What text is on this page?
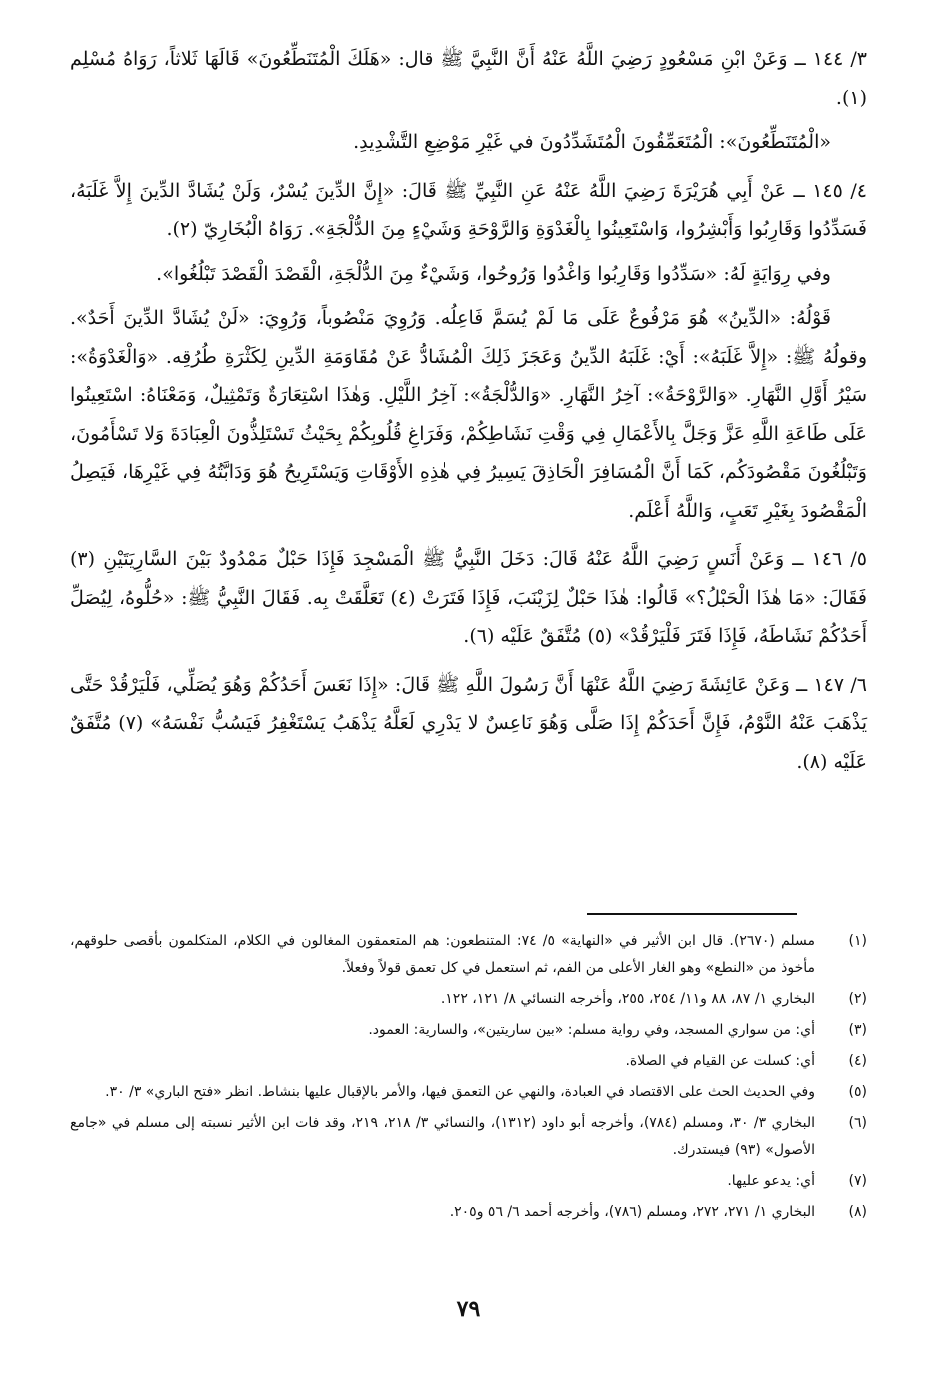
٣/ ١٤٤ ــ وَعَنْ ابْنِ مَسْعُودٍ رَضِيَ اللَّهُ عَنْهُ أَنَّ النَّبِيَّ ﷺ قال: «هَلَكَ الْمُتَنَطِّعُونَ» قَالَهَا ثَلاثاً، رَوَاهُ مُسْلِم (١).

«الْمُتَنَطِّعُونَ»: الْمُتَعَمِّقُونَ الْمُتَشَدِّدُونَ في غَيْرِ مَوْضِعِ التَّشْدِيدِ.

٤/ ١٤٥ ــ عَنْ أَبِي هُرَيْرَةَ رَضِيَ اللَّهُ عَنْهُ عَنِ النَّبِيِّ ﷺ قَالَ: «إِنَّ الدِّينَ يُسْرٌ، وَلَنْ يُشَادَّ الدِّينَ إِلاَّ غَلَبَهُ، فَسَدِّدُوا وَقَارِبُوا وَأَبْشِرُوا، وَاسْتَعِينُوا بِالْغَدْوَةِ وَالرَّوْحَةِ وَشَيْءٍ مِنَ الدُّلْجَةِ». رَوَاهُ الْبُخَارِيّ (٢).

وفي رِوَايَةٍ لَهُ: «سَدِّدُوا وَقَارِبُوا وَاغْدُوا وَرُوحُوا، وَشَيْءٌ مِنَ الدُّلْجَةِ، الْقَصْدَ الْقَصْدَ تَبْلُغُوا».

قَوْلُهُ: «الدِّينُ» هُوَ مَرْفُوعٌ عَلَى مَا لَمْ يُسَمَّ فَاعِلُه. وَرُوِيَ مَنْصُوباً، وَرُوِيَ: «لَنْ يُشَادَّ الدِّينَ أَحَدٌ». وقولُهُ ﷺ: «إِلاَّ غَلَبَهُ»: أَيْ: غَلَبَهُ الدِّينُ وَعَجَزَ ذَلِكَ الْمُشَادُّ عَنْ مُقَاوَمَةِ الدِّينِ لِكَثْرَةِ طُرُقِه. «وَالْغَدْوَةُ»: سَيْرُ أَوَّلِ النَّهَارِ. «وَالرَّوْحَةُ»: آخِرُ النَّهَارِ. «وَالدُّلْجَةُ»: آخِرُ اللَّيْلِ. وَهٰذَا اسْتِعَارَةٌ وَتَمْثِيلٌ، وَمَعْنَاهُ: اسْتَعِينُوا عَلَى طَاعَةِ اللَّهِ عَزَّ وَجَلَّ بِالأَعْمَالِ فِي وَقْتِ نَشَاطِكُمْ، وَفَرَاغِ قُلُوبِكُمْ بِحَيْثُ تَسْتَلِذُّونَ الْعِبَادَةَ وَلا تَسْأَمُونَ، وَتَبْلُغُونَ مَقْصُودَكُم، كَمَا أَنَّ الْمُسَافِرَ الْحَاذِقَ يَسِيرُ فِي هٰذِهِ الأَوْقَاتِ وَيَسْتَرِيحُ هُوَ وَدَابَّتُهُ فِي غَيْرِهَا، فَيَصِلُ الْمَقْصُودَ بِغَيْرِ تَعَبٍ، وَاللَّهُ أَعْلَم.

٥/ ١٤٦ ــ وَعَنْ أَنَسٍ رَضِيَ اللَّهُ عَنْهُ قَالَ: دَخَلَ النَّبِيُّ ﷺ الْمَسْجِدَ فَإِذَا حَبْلٌ مَمْدُودٌ بَيْنَ السَّارِيَتَيْنِ (٣) فَقَالَ: «مَا هٰذَا الْحَبْلُ؟» قَالُوا: هٰذَا حَبْلٌ لِزَيْنَبَ، فَإِذَا فَتَرَتْ (٤) تَعَلَّقَتْ بِه. فَقَالَ النَّبِيُّ ﷺ: «حُلُّوهُ، لِيُصَلِّ أَحَدُكُمْ نَشَاطَهُ، فَإِذَا فَتَرَ فَلْيَرْقُدْ» (٥) مُتَّفَقٌ عَلَيْه (٦).

٦/ ١٤٧ ــ وَعَنْ عَائِشَةَ رَضِيَ اللَّهُ عَنْهَا أَنَّ رَسُولَ اللَّهِ ﷺ قَالَ: «إِذَا نَعَسَ أَحَدُكُمْ وَهُوَ يُصَلِّي، فَلْيَرْقُدْ حَتَّى يَذْهَبَ عَنْهُ النَّوْمُ، فَإِنَّ أَحَدَكُمْ إِذَا صَلَّى وَهُوَ نَاعِسٌ لا يَدْرِي لَعَلَّهُ يَذْهَبُ يَسْتَغْفِرُ فَيَسُبُّ نَفْسَهُ» (٧) مُتَّفَقٌ عَلَيْه (٨).

(١)
مسلم (٢٦٧٠). قال ابن الأثير في «النهاية» ٥/ ٧٤: المتنطعون: هم المتعمقون المغالون في الكلام، المتكلمون بأقصى حلوقهم، مأخوذ من «النطع» وهو الغار الأعلى من الفم، ثم استعمل في كل تعمق قولاً وفعلاً.
(٢)
البخاري ١/ ٨٧، ٨٨ و١١/ ٢٥٤، ٢٥٥، وأخرجه النسائي ٨/ ١٢١، ١٢٢.
(٣)
أي: من سواري المسجد، وفي رواية مسلم: «بين ساريتين»، والسارية: العمود.
(٤)
أي: كسلت عن القيام في الصلاة.
(٥)
وفي الحديث الحث على الاقتصاد في العبادة، والنهي عن التعمق فيها، والأمر بالإقبال عليها بنشاط. انظر «فتح الباري» ٣/ ٣٠.
(٦)
البخاري ٣/ ٣٠، ومسلم (٧٨٤)، وأخرجه أبو داود (١٣١٢)، والنسائي ٣/ ٢١٨، ٢١٩، وقد فات ابن الأثير نسبته إلى مسلم في «جامع الأصول» (٩٣) فيستدرك.
(٧)
أي: يدعو عليها.
(٨)
البخاري ١/ ٢٧١، ٢٧٢، ومسلم (٧٨٦)، وأخرجه أحمد ٦/ ٥٦ و٢٠٥.
٧٩
